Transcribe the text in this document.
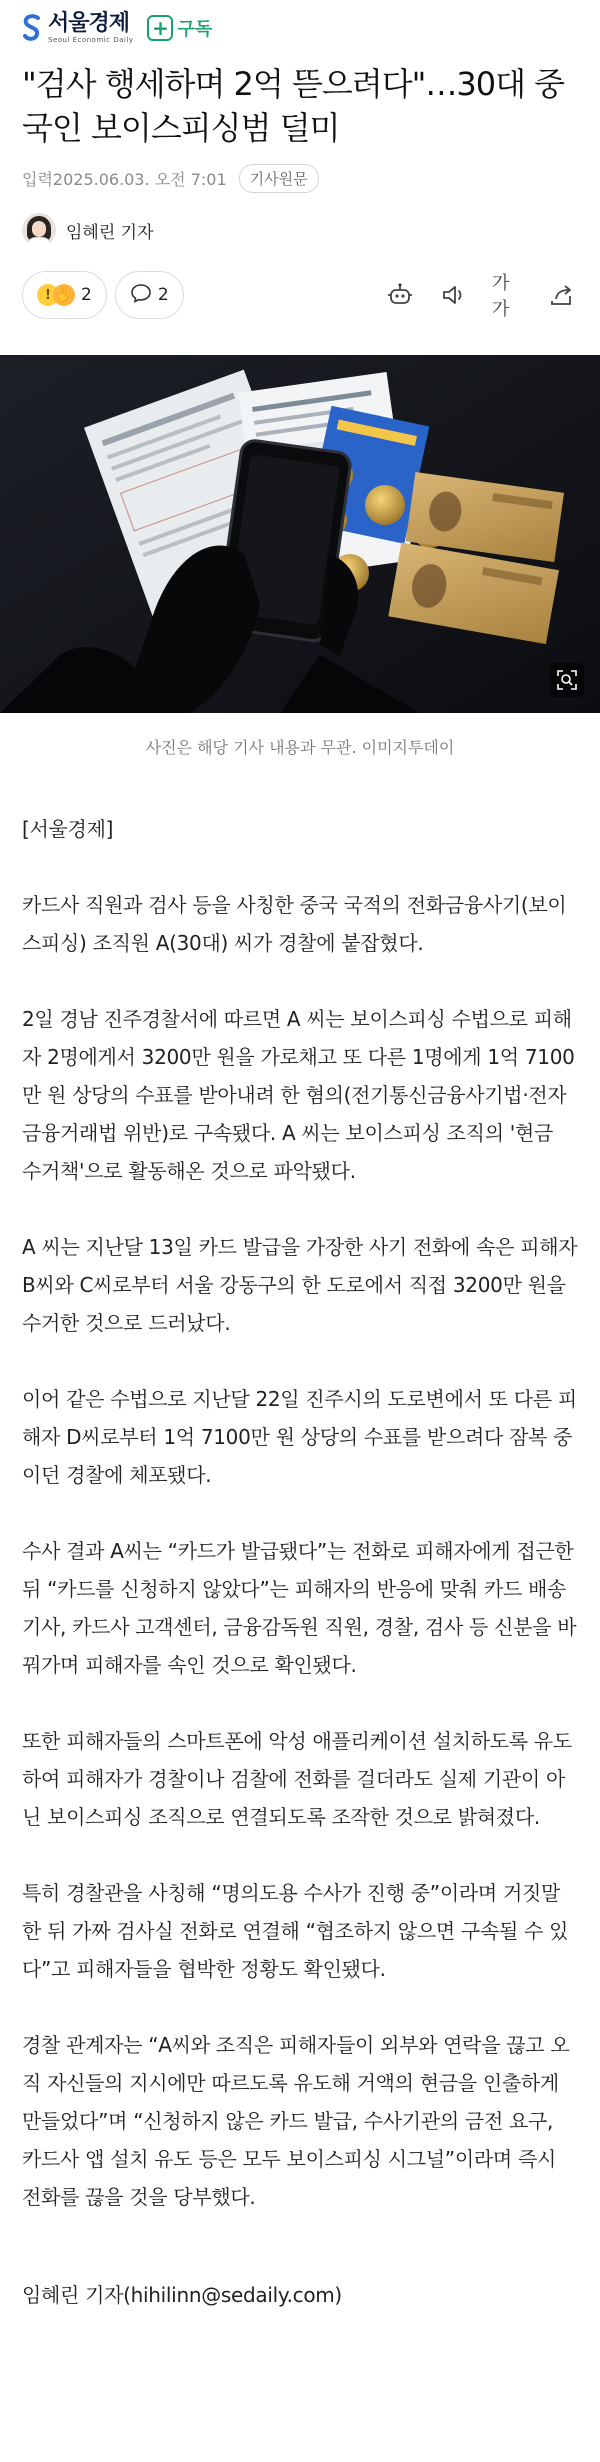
서울경제
Seoul Economic Daily + 구독
"검사 행세하며 2억 뜯으려다"…30대 중국인 보이스피싱범 덜미
입력2025.06.03. 오전 7:01	기사원문
임혜린 기자
! ✋ 2	2
가가

사진은 해당 기사 내용과 무관. 이미지투데이

[서울경제]

카드사 직원과 검사 등을 사칭한 중국 국적의 전화금융사기(보이스피싱) 조직원 A(30대) 씨가 경찰에 붙잡혔다.

2일 경남 진주경찰서에 따르면 A 씨는 보이스피싱 수법으로 피해자 2명에게서 3200만 원을 가로채고 또 다른 1명에게 1억 7100만 원 상당의 수표를 받아내려 한 혐의(전기통신금융사기법·전자금융거래법 위반)로 구속됐다. A 씨는 보이스피싱 조직의 '현금 수거책'으로 활동해온 것으로 파악됐다.

A 씨는 지난달 13일 카드 발급을 가장한 사기 전화에 속은 피해자 B씨와 C씨로부터 서울 강동구의 한 도로에서 직접 3200만 원을 수거한 것으로 드러났다.

이어 같은 수법으로 지난달 22일 진주시의 도로변에서 또 다른 피해자 D씨로부터 1억 7100만 원 상당의 수표를 받으려다 잠복 중이던 경찰에 체포됐다.

수사 결과 A씨는 “카드가 발급됐다”는 전화로 피해자에게 접근한 뒤 “카드를 신청하지 않았다”는 피해자의 반응에 맞춰 카드 배송기사, 카드사 고객센터, 금융감독원 직원, 경찰, 검사 등 신분을 바꿔가며 피해자를 속인 것으로 확인됐다.

또한 피해자들의 스마트폰에 악성 애플리케이션 설치하도록 유도하여 피해자가 경찰이나 검찰에 전화를 걸더라도 실제 기관이 아닌 보이스피싱 조직으로 연결되도록 조작한 것으로 밝혀졌다.

특히 경찰관을 사칭해 “명의도용 수사가 진행 중”이라며 거짓말한 뒤 가짜 검사실 전화로 연결해 “협조하지 않으면 구속될 수 있다”고 피해자들을 협박한 정황도 확인됐다.

경찰 관계자는 “A씨와 조직은 피해자들이 외부와 연락을 끊고 오직 자신들의 지시에만 따르도록 유도해 거액의 현금을 인출하게 만들었다”며 “신청하지 않은 카드 발급, 수사기관의 금전 요구, 카드사 앱 설치 유도 등은 모두 보이스피싱 시그널”이라며 즉시 전화를 끊을 것을 당부했다.

임혜린 기자(hihilinn@sedaily.com)
